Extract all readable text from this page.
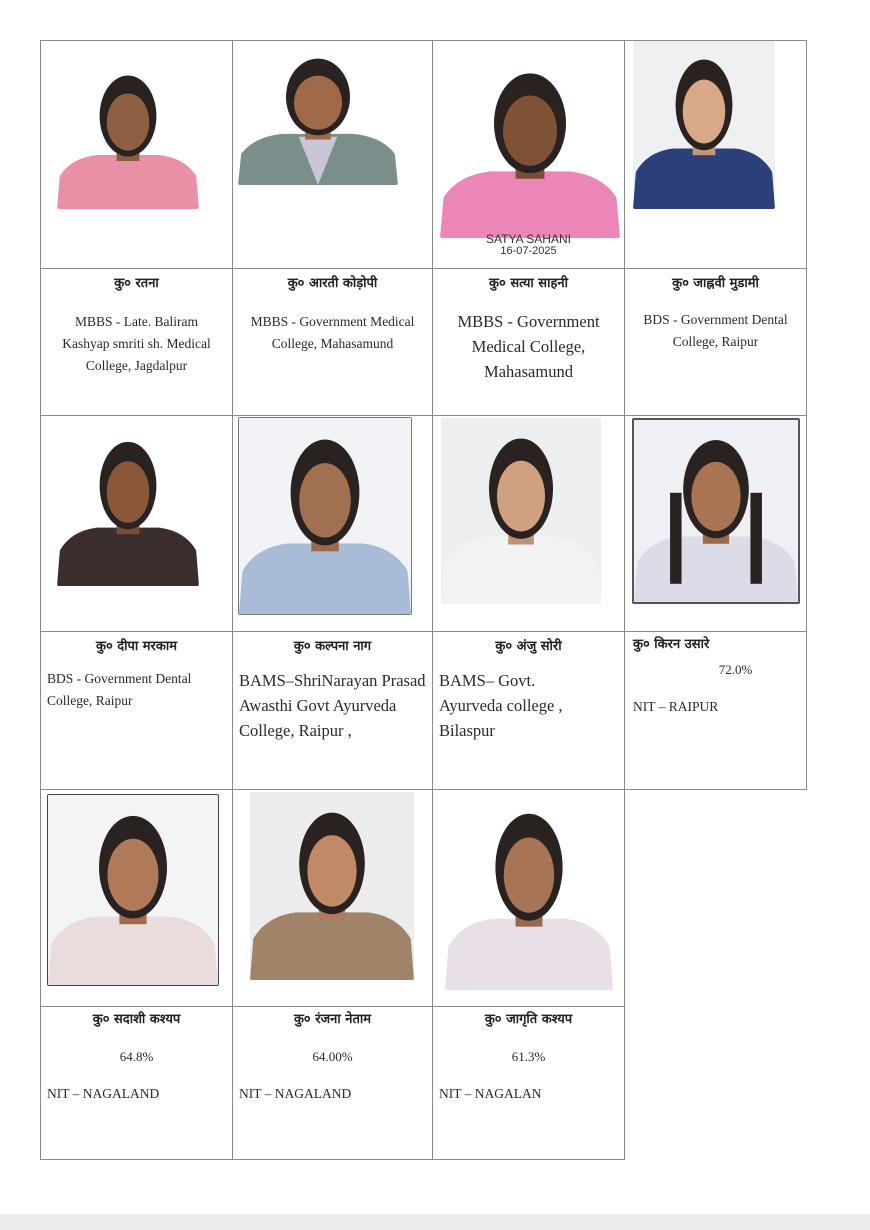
SATYA SAHANI
16-07-2025
कु० रतना
MBBS - Late. Baliram Kashyap smriti sh. Medical College, Jagdalpur
कु० आरती कोड़ोपी
MBBS - Government Medical College, Mahasamund
कु० सत्या साहनी
MBBS - Government Medical College, Mahasamund
कु० जाह्नवी मुडामी
BDS - Government Dental College, Raipur
कु० दीपा मरकाम
BDS - Government Dental College, Raipur
कु० कल्पना नाग
BAMS–ShriNarayan Prasad Awasthi Govt Ayurveda College, Raipur ,
कु० अंजु सोरी
BAMS– Govt. Ayurveda college , Bilaspur
कु० किरन उसारे
72.0%
NIT – RAIPUR
कु० सदाशी कश्यप
64.8%
NIT – NAGALAND
कु० रंजना नेताम
64.00%
NIT – NAGALAND
कु० जागृति कश्यप
61.3%
NIT – NAGALAN
